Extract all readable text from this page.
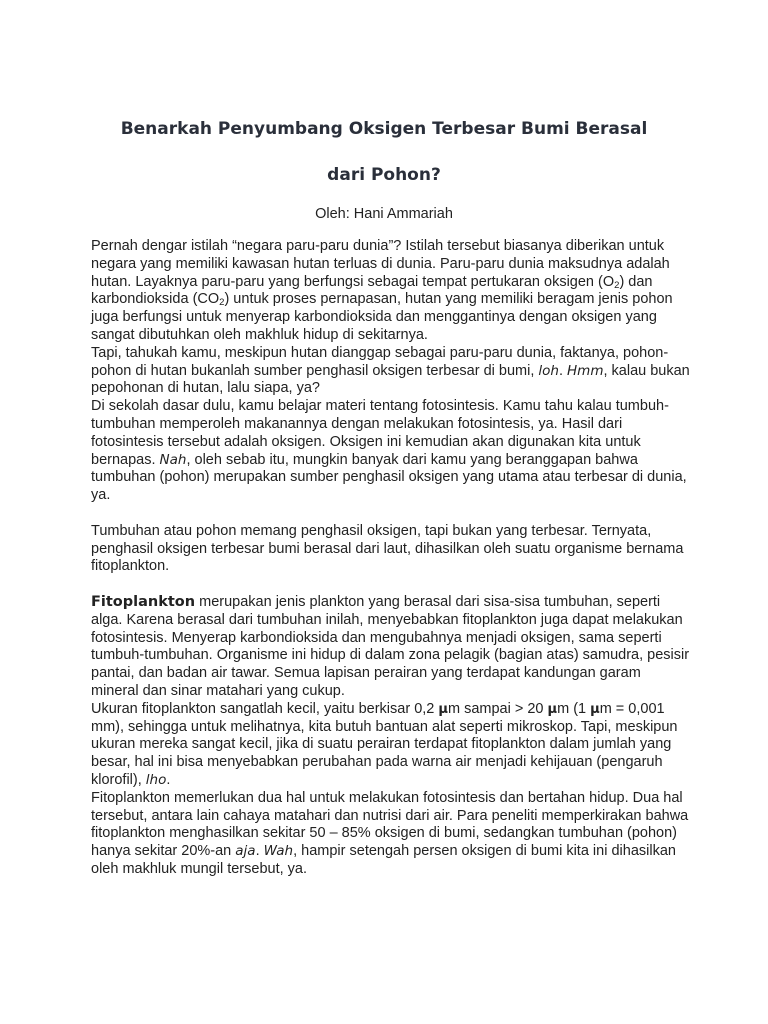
Benarkah Penyumbang Oksigen Terbesar Bumi Berasal
dari Pohon?
Oleh: Hani Ammariah

Pernah dengar istilah “negara paru-paru dunia”? Istilah tersebut biasanya diberikan untuk negara yang memiliki kawasan hutan terluas di dunia. Paru-paru dunia maksudnya adalah hutan. Layaknya paru-paru yang berfungsi sebagai tempat pertukaran oksigen $(O_2)$ dan karbondioksida $(CO_2)$ untuk proses pernapasan, hutan yang memiliki beragam jenis pohon juga berfungsi untuk menyerap karbondioksida dan menggantinya dengan oksigen yang sangat dibutuhkan oleh makhluk hidup di sekitarnya.

Tapi, tahukah kamu, meskipun hutan dianggap sebagai paru-paru dunia, faktanya, pohon-pohon di hutan bukanlah sumber penghasil oksigen terbesar di bumi, loh. Hmm, kalau bukan pepohonan di hutan, lalu siapa, ya?

Di sekolah dasar dulu, kamu belajar materi tentang fotosintesis. Kamu tahu kalau tumbuh-tumbuhan memperoleh makanannya dengan melakukan fotosintesis, ya. Hasil dari fotosintesis tersebut adalah oksigen. Oksigen ini kemudian akan digunakan kita untuk bernapas. Nah, oleh sebab itu, mungkin banyak dari kamu yang beranggapan bahwa tumbuhan (pohon) merupakan sumber penghasil oksigen yang utama atau terbesar di dunia, ya.

Tumbuhan atau pohon memang penghasil oksigen, tapi bukan yang terbesar. Ternyata, penghasil oksigen terbesar bumi berasal dari laut, dihasilkan oleh suatu organisme bernama fitoplankton.

Fitoplankton merupakan jenis plankton yang berasal dari sisa-sisa tumbuhan, seperti alga. Karena berasal dari tumbuhan inilah, menyebabkan fitoplankton juga dapat melakukan fotosintesis. Menyerap karbondioksida dan mengubahnya menjadi oksigen, sama seperti tumbuh-tumbuhan. Organisme ini hidup di dalam zona pelagik (bagian atas) samudra, pesisir pantai, dan badan air tawar. Semua lapisan perairan yang terdapat kandungan garam mineral dan sinar matahari yang cukup.

Ukuran fitoplankton sangatlah kecil, yaitu berkisar 0,2 µm sampai > 20 µm (1 µm = 0,001 mm), sehingga untuk melihatnya, kita butuh bantuan alat seperti mikroskop. Tapi, meskipun ukuran mereka sangat kecil, jika di suatu perairan terdapat fitoplankton dalam jumlah yang besar, hal ini bisa menyebabkan perubahan pada warna air menjadi kehijauan (pengaruh klorofil), lho.

Fitoplankton memerlukan dua hal untuk melakukan fotosintesis dan bertahan hidup. Dua hal tersebut, antara lain cahaya matahari dan nutrisi dari air. Para peneliti memperkirakan bahwa fitoplankton menghasilkan sekitar 50 – 85% oksigen di bumi, sedangkan tumbuhan (pohon) hanya sekitar 20%-an aja. Wah, hampir setengah persen oksigen di bumi kita ini dihasilkan oleh makhluk mungil tersebut, ya.
